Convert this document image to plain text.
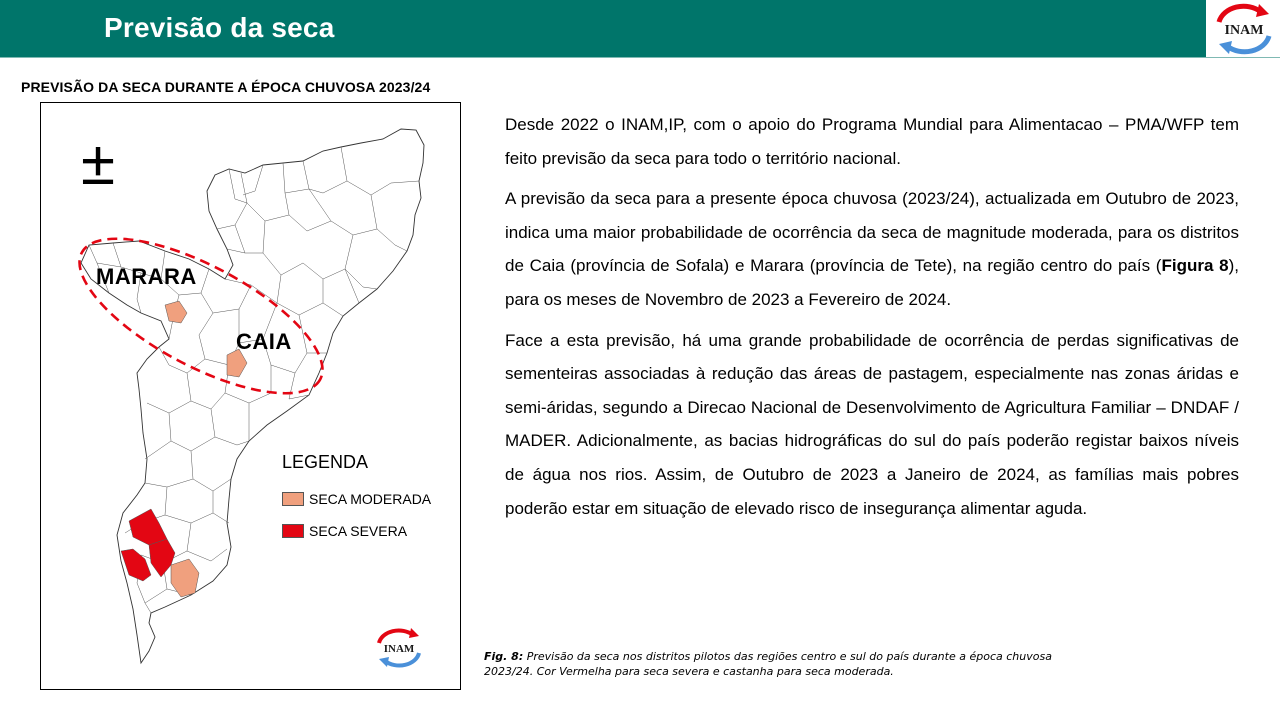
Previsão da seca	INAM
PREVISÃO DA SECA DURANTE A ÉPOCA CHUVOSA 2023/24
±
MARARA
CAIA
LEGENDA
SECA MODERADA
SECA SEVERA
INAM

Desde 2022 o INAM,IP, com o apoio do Programa Mundial para Alimentacao – PMA/WFP tem feito previsão da seca para todo o território nacional.

A previsão da seca para a presente época chuvosa (2023/24), actualizada em Outubro de 2023, indica uma maior probabilidade de ocorrência da seca de magnitude moderada, para os distritos de Caia (província de Sofala) e Marara (província de Tete), na região centro do país (Figura 8), para os meses de Novembro de 2023 a Fevereiro de 2024.

Face a esta previsão, há uma grande probabilidade de ocorrência de perdas significativas de sementeiras associadas à redução das áreas de pastagem, especialmente nas zonas áridas e semi-áridas, segundo a Direcao Nacional de Desenvolvimento de Agricultura Familiar – DNDAF / MADER. Adicionalmente, as bacias hidrográficas do sul do país poderão registar baixos níveis de água nos rios. Assim, de Outubro de 2023 a Janeiro de 2024, as famílias mais pobres poderão estar em situação de elevado risco de insegurança alimentar aguda.

Fig. 8: Previsão da seca nos distritos pilotos das regiões centro e sul do país durante a época chuvosa 2023/24. Cor Vermelha para seca severa e castanha para seca moderada.
